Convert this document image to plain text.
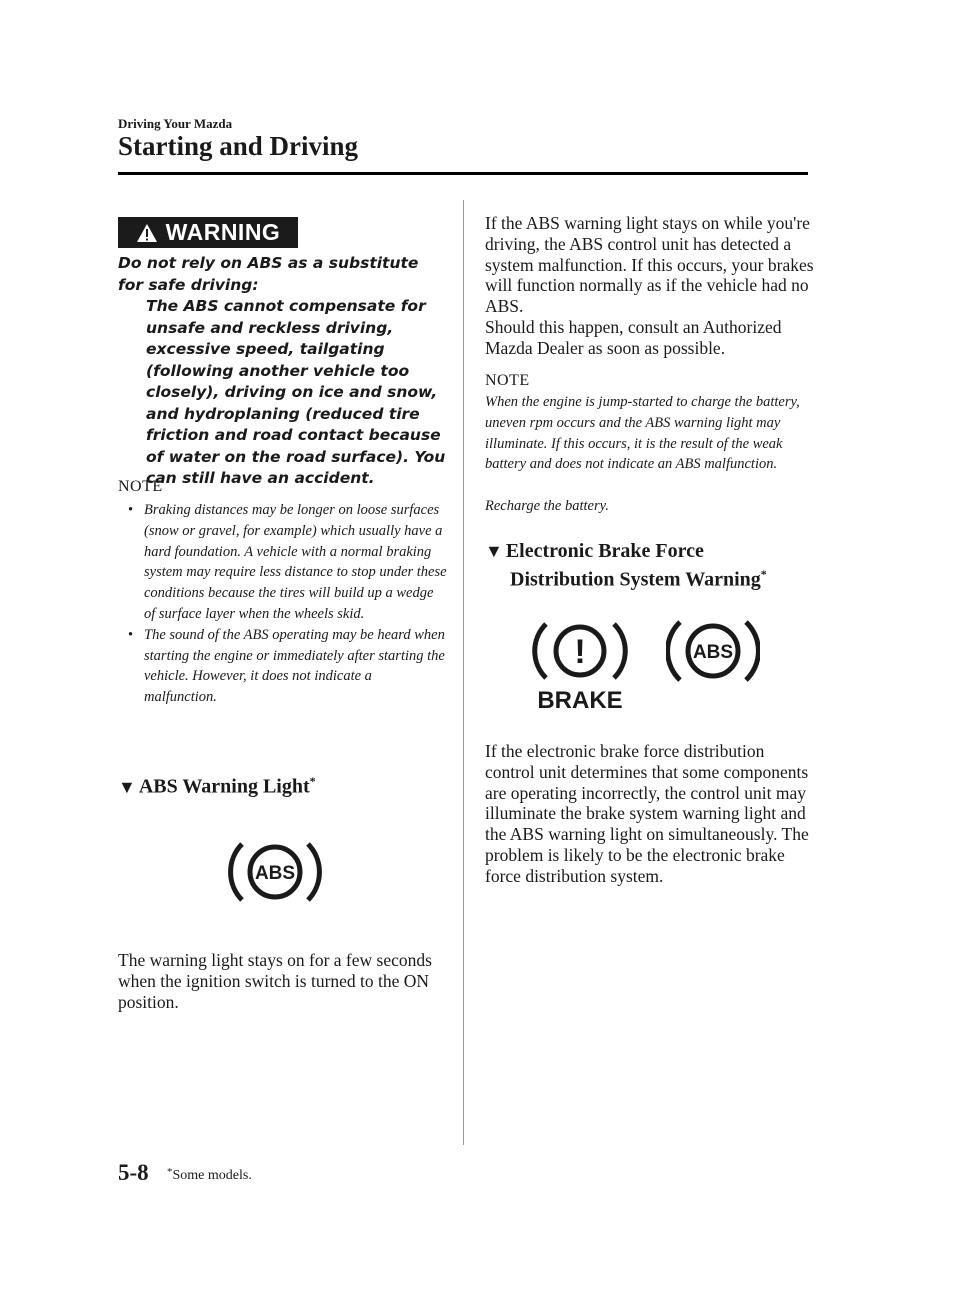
Driving Your Mazda
Starting and Driving
WARNING
Do not rely on ABS as a substitute for safe driving:
The ABS cannot compensate for unsafe and reckless driving, excessive speed, tailgating (following another vehicle too closely), driving on ice and snow, and hydroplaning (reduced tire friction and road contact because of water on the road surface). You can still have an accident.
NOTE
• Braking distances may be longer on loose surfaces (snow or gravel, for example) which usually have a hard foundation. A vehicle with a normal braking system may require less distance to stop under these conditions because the tires will build up a wedge of surface layer when the wheels skid.
• The sound of the ABS operating may be heard when starting the engine or immediately after starting the vehicle. However, it does not indicate a malfunction.
▼ ABS Warning Light*
ABS
The warning light stays on for a few seconds when the ignition switch is turned to the ON position.
If the ABS warning light stays on while you're driving, the ABS control unit has detected a system malfunction. If this occurs, your brakes will function normally as if the vehicle had no ABS.
Should this happen, consult an Authorized Mazda Dealer as soon as possible.
NOTE
When the engine is jump-started to charge the battery, uneven rpm occurs and the ABS warning light may illuminate. If this occurs, it is the result of the weak battery and does not indicate an ABS malfunction.
Recharge the battery.
▼ Electronic Brake Force
Distribution System Warning*
!
BRAKE
ABS
If the electronic brake force distribution control unit determines that some components are operating incorrectly, the control unit may illuminate the brake system warning light and the ABS warning light on simultaneously. The problem is likely to be the electronic brake force distribution system.
5-8 *Some models.
